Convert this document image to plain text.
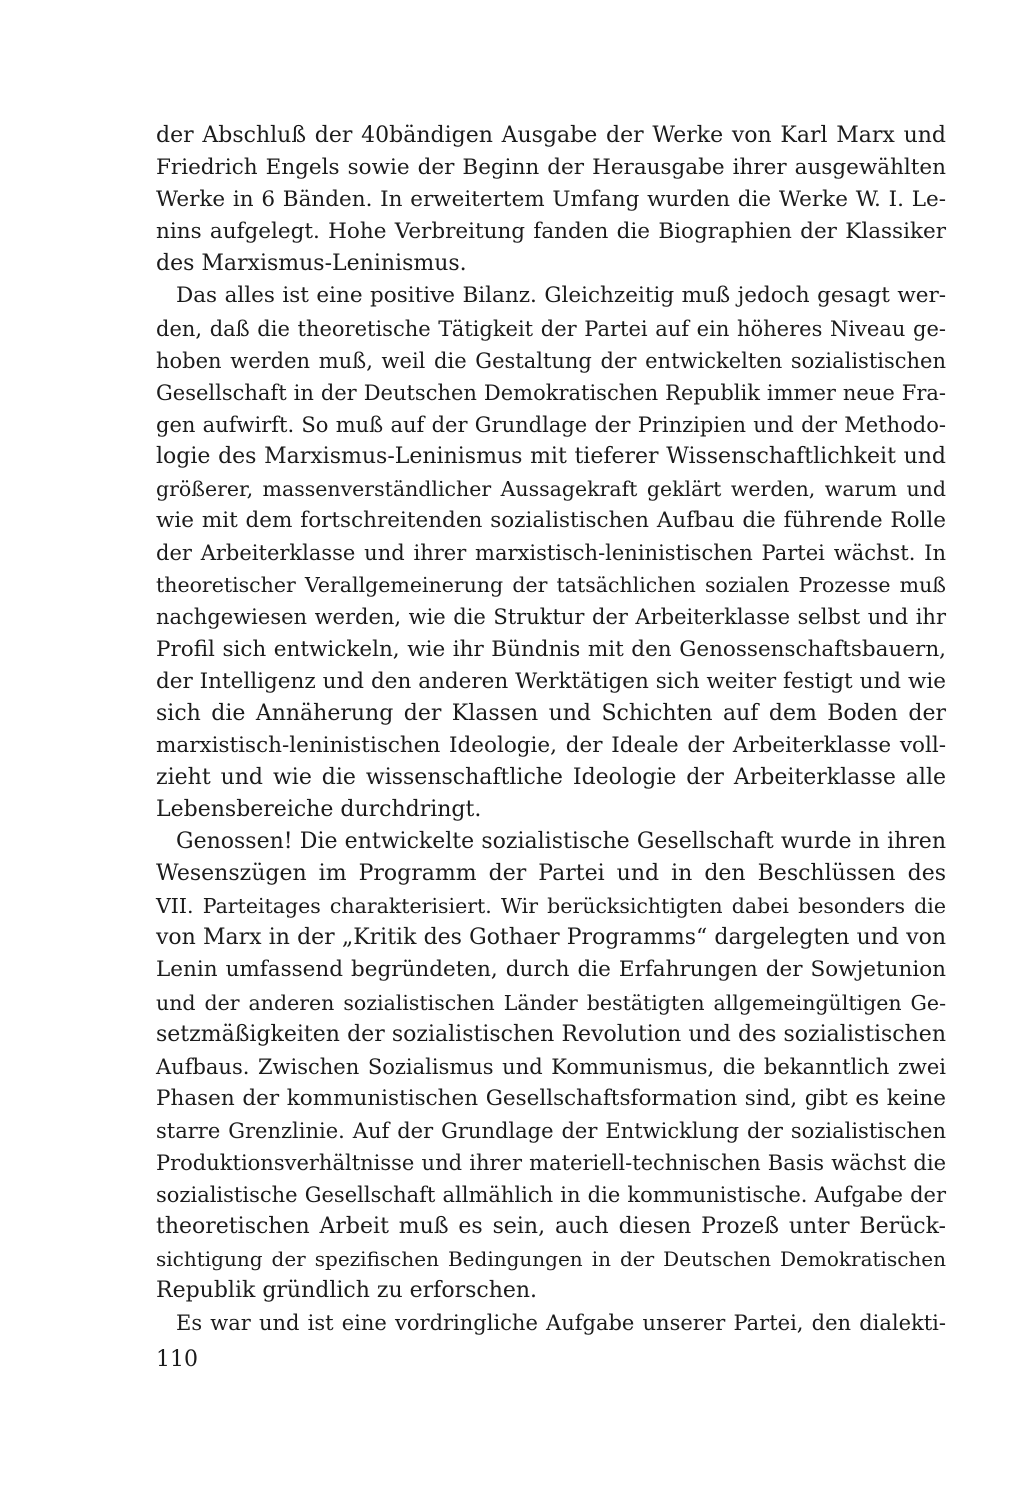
der Abschluß der 40bändigen Ausgabe der Werke von Karl Marx und
Friedrich Engels sowie der Beginn der Herausgabe ihrer ausgewählten
Werke in 6 Bänden. In erweitertem Umfang wurden die Werke W. I. Le-
nins aufgelegt. Hohe Verbreitung fanden die Biographien der Klassiker
des Marxismus-Leninismus.
Das alles ist eine positive Bilanz. Gleichzeitig muß jedoch gesagt wer-
den, daß die theoretische Tätigkeit der Partei auf ein höheres Niveau ge-
hoben werden muß, weil die Gestaltung der entwickelten sozialistischen
Gesellschaft in der Deutschen Demokratischen Republik immer neue Fra-
gen aufwirft. So muß auf der Grundlage der Prinzipien und der Methodo-
logie des Marxismus-Leninismus mit tieferer Wissenschaftlichkeit und
größerer, massenverständlicher Aussagekraft geklärt werden, warum und
wie mit dem fortschreitenden sozialistischen Aufbau die führende Rolle
der Arbeiterklasse und ihrer marxistisch-leninistischen Partei wächst. In
theoretischer Verallgemeinerung der tatsächlichen sozialen Prozesse muß
nachgewiesen werden, wie die Struktur der Arbeiterklasse selbst und ihr
Profil sich entwickeln, wie ihr Bündnis mit den Genossenschaftsbauern,
der Intelligenz und den anderen Werktätigen sich weiter festigt und wie
sich die Annäherung der Klassen und Schichten auf dem Boden der
marxistisch-leninistischen Ideologie, der Ideale der Arbeiterklasse voll-
zieht und wie die wissenschaftliche Ideologie der Arbeiterklasse alle
Lebensbereiche durchdringt.
Genossen! Die entwickelte sozialistische Gesellschaft wurde in ihren
Wesenszügen im Programm der Partei und in den Beschlüssen des
VII. Parteitages charakterisiert. Wir berücksichtigten dabei besonders die
von Marx in der „Kritik des Gothaer Programms“ dargelegten und von
Lenin umfassend begründeten, durch die Erfahrungen der Sowjetunion
und der anderen sozialistischen Länder bestätigten allgemeingültigen Ge-
setzmäßigkeiten der sozialistischen Revolution und des sozialistischen
Aufbaus. Zwischen Sozialismus und Kommunismus, die bekanntlich zwei
Phasen der kommunistischen Gesellschaftsformation sind, gibt es keine
starre Grenzlinie. Auf der Grundlage der Entwicklung der sozialistischen
Produktionsverhältnisse und ihrer materiell-technischen Basis wächst die
sozialistische Gesellschaft allmählich in die kommunistische. Aufgabe der
theoretischen Arbeit muß es sein, auch diesen Prozeß unter Berück-
sichtigung der spezifischen Bedingungen in der Deutschen Demokratischen
Republik gründlich zu erforschen.
Es war und ist eine vordringliche Aufgabe unserer Partei, den dialekti-
110
